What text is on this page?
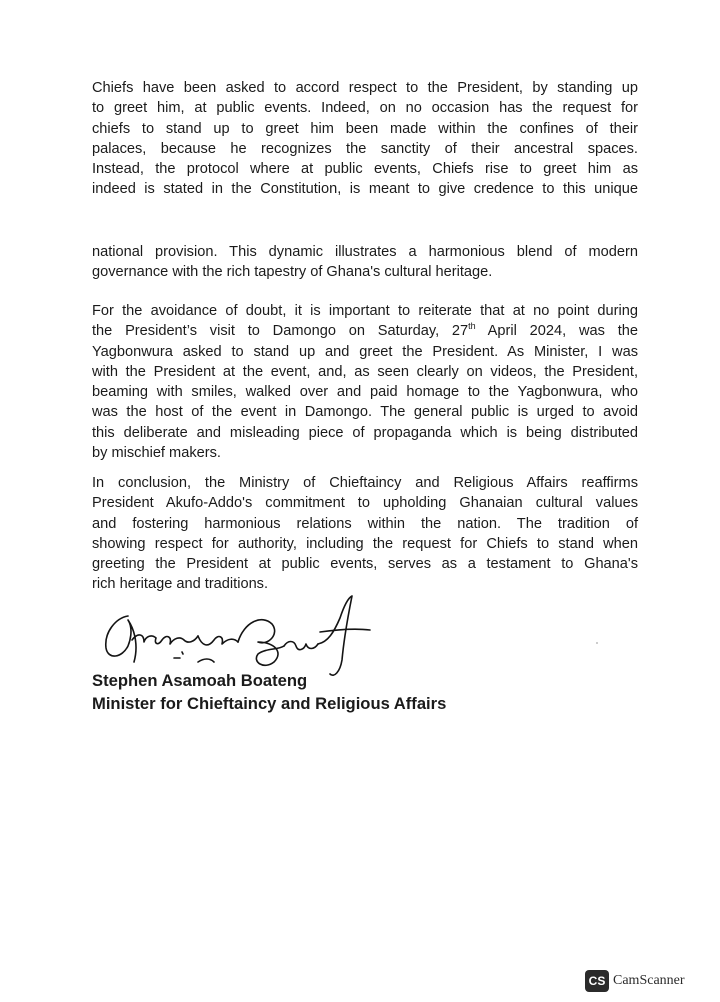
Chiefs have been asked to accord respect to the President, by standing up
to greet him, at public events. Indeed, on no occasion has the request for
chiefs to stand up to greet him been made within the confines of their
palaces, because he recognizes the sanctity of their ancestral spaces.
Instead, the protocol where at public events, Chiefs rise to greet him as
indeed is stated in the Constitution, is meant to give credence to this unique
national provision. This dynamic illustrates a harmonious blend of modern
governance with the rich tapestry of Ghana's cultural heritage.
For the avoidance of doubt, it is important to reiterate that at no point during
the President’s visit to Damongo on Saturday, 27th April 2024, was the
Yagbonwura asked to stand up and greet the President. As Minister, I was
with the President at the event, and, as seen clearly on videos, the President,
beaming with smiles, walked over and paid homage to the Yagbonwura, who
was the host of the event in Damongo. The general public is urged to avoid
this deliberate and misleading piece of propaganda which is being distributed
by mischief makers.
In conclusion, the Ministry of Chieftaincy and Religious Affairs reaffirms
President Akufo-Addo's commitment to upholding Ghanaian cultural values
and fostering harmonious relations within the nation. The tradition of
showing respect for authority, including the request for Chiefs to stand when
greeting the President at public events, serves as a testament to Ghana's
rich heritage and traditions.
Stephen Asamoah Boateng
Minister for Chieftaincy and Religious Affairs
CS CamScanner
